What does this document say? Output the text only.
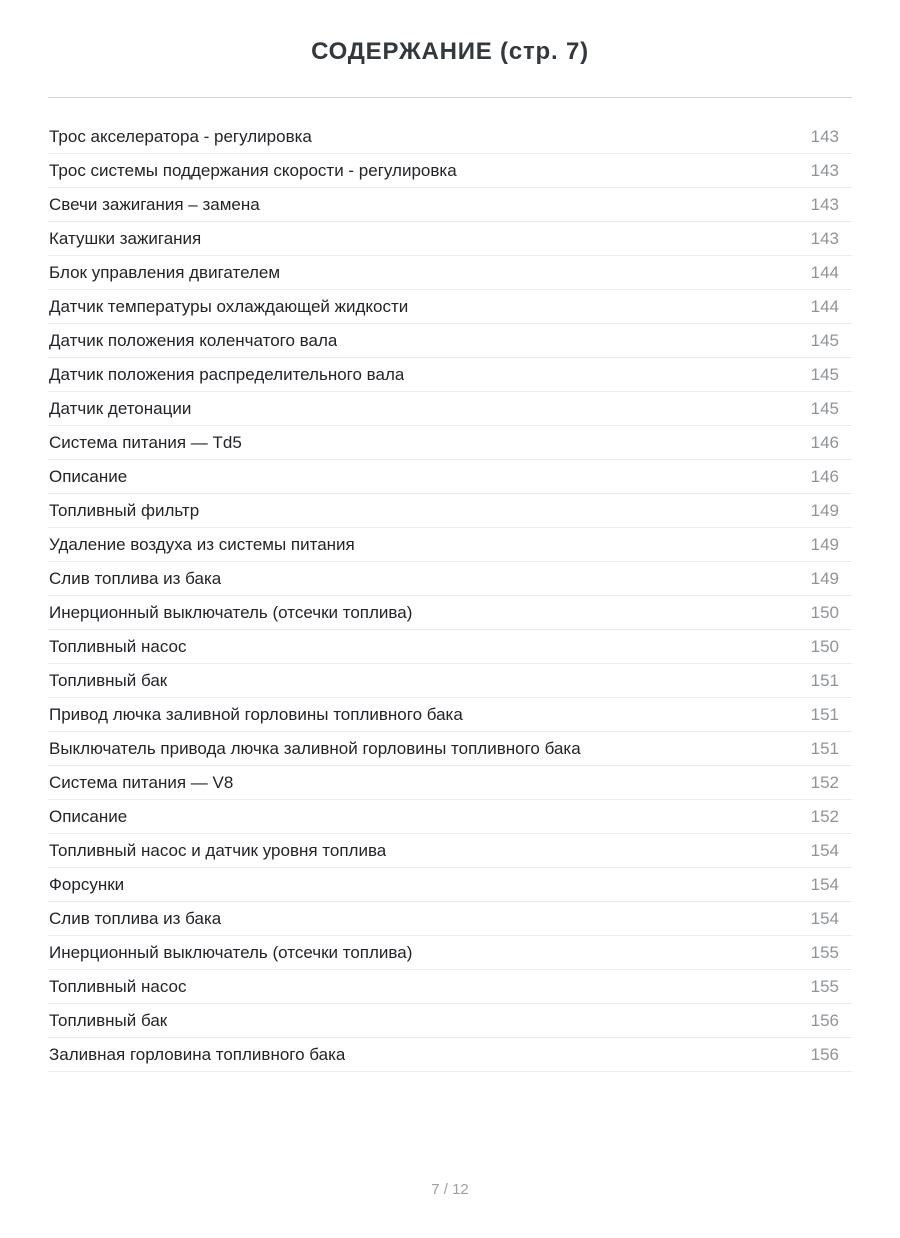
СОДЕРЖАНИЕ (стр. 7)
Трос акселератора - регулировка	143
Трос системы поддержания скорости - регулировка	143
Свечи зажигания – замена	143
Катушки зажигания	143
Блок управления двигателем	144
Датчик температуры охлаждающей жидкости	144
Датчик положения коленчатого вала	145
Датчик положения распределительного вала	145
Датчик детонации	145
Система питания — Td5	146
Описание	146
Топливный фильтр	149
Удаление воздуха из системы питания	149
Слив топлива из бака	149
Инерционный выключатель (отсечки топлива)	150
Топливный насос	150
Топливный бак	151
Привод лючка заливной горловины топливного бака	151
Выключатель привода лючка заливной горловины топливного бака	151
Система питания — V8	152
Описание	152
Топливный насос и датчик уровня топлива	154
Форсунки	154
Слив топлива из бака	154
Инерционный выключатель (отсечки топлива)	155
Топливный насос	155
Топливный бак	156
Заливная горловина топливного бака	156
7 / 12
